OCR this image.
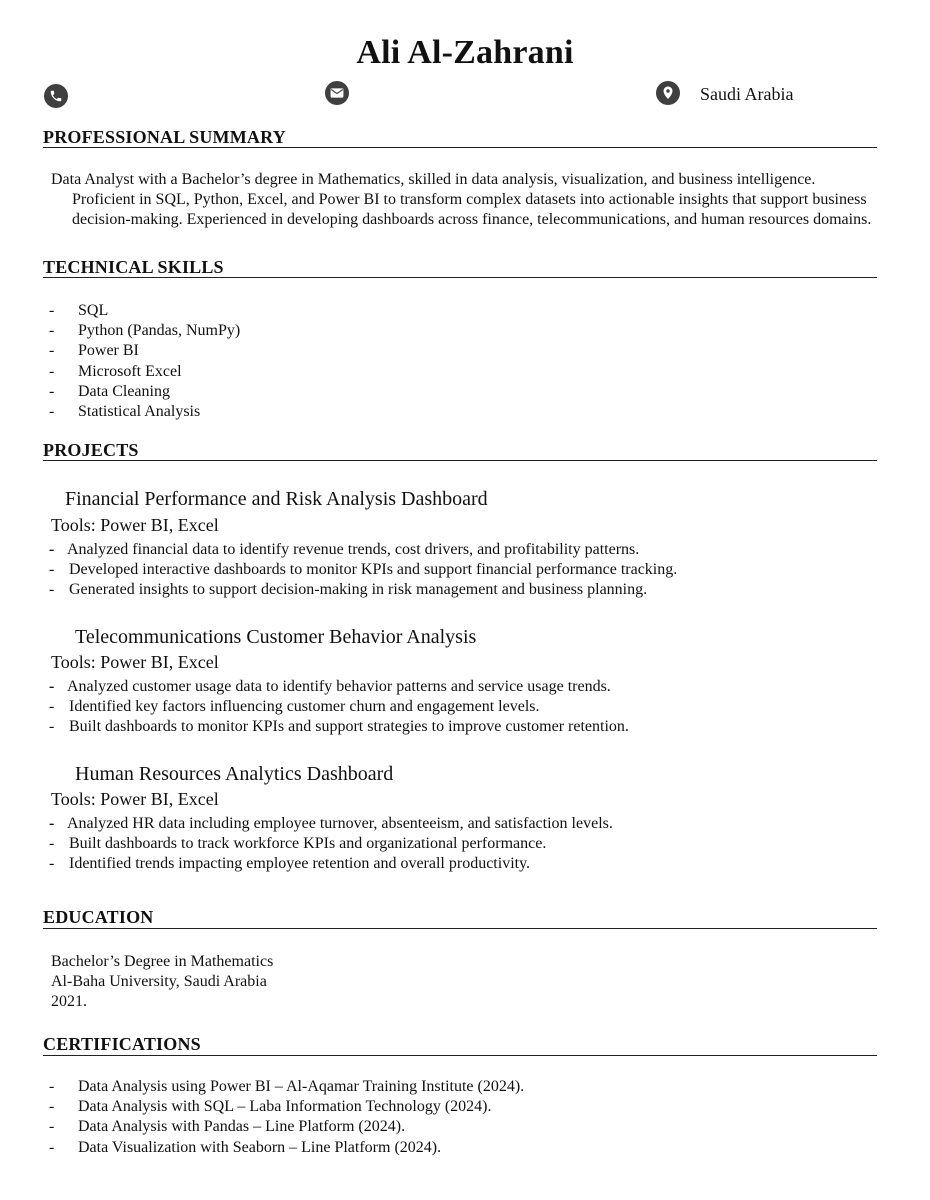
Ali Al-Zahrani
Saudi Arabia
PROFESSIONAL SUMMARY
Data Analyst with a Bachelor’s degree in Mathematics, skilled in data analysis, visualization, and business intelligence.
Proficient in SQL, Python, Excel, and Power BI to transform complex datasets into actionable insights that support business decision-making. Experienced in developing dashboards across finance, telecommunications, and human resources domains.
TECHNICAL SKILLS
- SQL
- Python (Pandas, NumPy)
- Power BI
- Microsoft Excel
- Data Cleaning
- Statistical Analysis
PROJECTS
Financial Performance and Risk Analysis Dashboard
Tools: Power BI, Excel
- Analyzed financial data to identify revenue trends, cost drivers, and profitability patterns.
- Developed interactive dashboards to monitor KPIs and support financial performance tracking.
- Generated insights to support decision-making in risk management and business planning.
Telecommunications Customer Behavior Analysis
Tools: Power BI, Excel
- Analyzed customer usage data to identify behavior patterns and service usage trends.
- Identified key factors influencing customer churn and engagement levels.
- Built dashboards to monitor KPIs and support strategies to improve customer retention.
Human Resources Analytics Dashboard
Tools: Power BI, Excel
- Analyzed HR data including employee turnover, absenteeism, and satisfaction levels.
- Built dashboards to track workforce KPIs and organizational performance.
- Identified trends impacting employee retention and overall productivity.
EDUCATION
Bachelor’s Degree in Mathematics
Al-Baha University, Saudi Arabia
2021.
CERTIFICATIONS
- Data Analysis using Power BI – Al-Aqamar Training Institute (2024).
- Data Analysis with SQL – Laba Information Technology (2024).
- Data Analysis with Pandas – Line Platform (2024).
- Data Visualization with Seaborn – Line Platform (2024).
